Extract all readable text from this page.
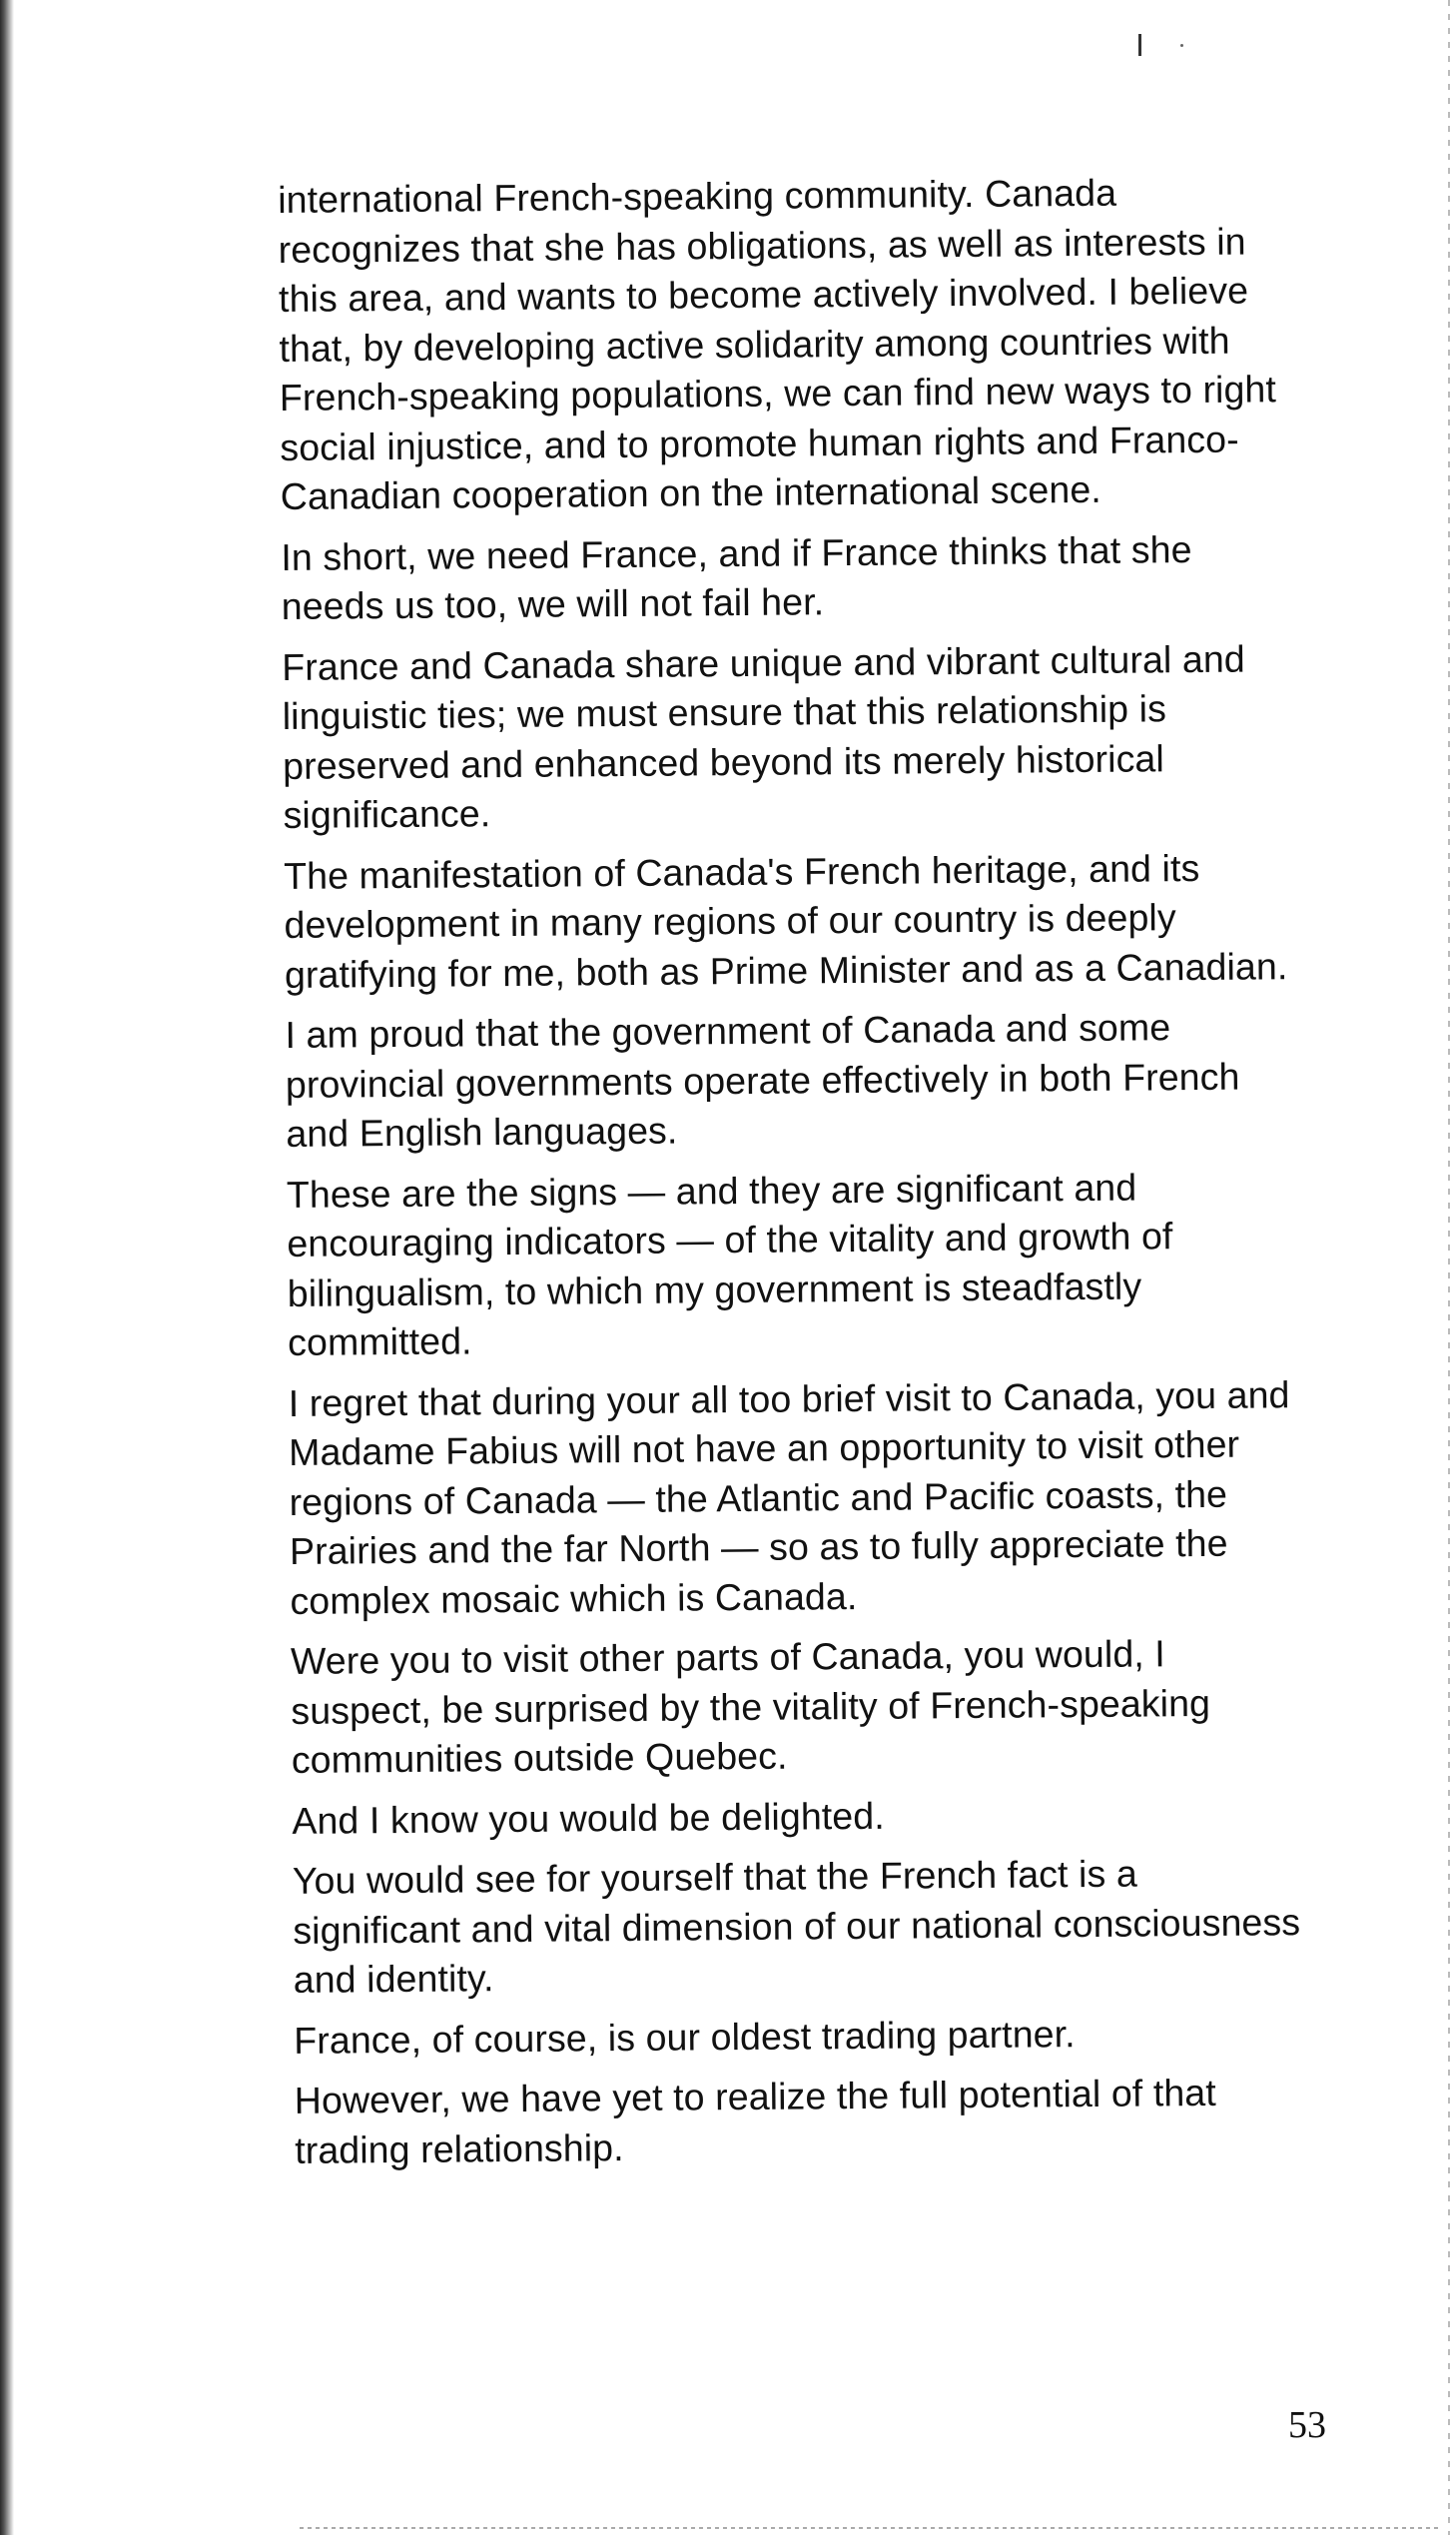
international French-speaking community. Canada recognizes that she has obligations, as well as interests in this area, and wants to become actively involved. I believe that, by developing active solidarity among countries with French-speaking populations, we can find new ways to right social injustice, and to promote human rights and Franco-Canadian cooperation on the international scene.

In short, we need France, and if France thinks that she needs us too, we will not fail her.

France and Canada share unique and vibrant cultural and linguistic ties; we must ensure that this relationship is preserved and enhanced beyond its merely historical significance.

The manifestation of Canada's French heritage, and its development in many regions of our country is deeply gratifying for me, both as Prime Minister and as a Canadian.

I am proud that the government of Canada and some provincial governments operate effectively in both French and English languages.

These are the signs — and they are significant and encouraging indicators — of the vitality and growth of bilingualism, to which my government is steadfastly committed.

I regret that during your all too brief visit to Canada, you and Madame Fabius will not have an opportunity to visit other regions of Canada — the Atlantic and Pacific coasts, the Prairies and the far North — so as to fully appreciate the complex mosaic which is Canada.

Were you to visit other parts of Canada, you would, I suspect, be surprised by the vitality of French-speaking communities outside Quebec.

And I know you would be delighted.

You would see for yourself that the French fact is a significant and vital dimension of our national consciousness and identity.

France, of course, is our oldest trading partner.

However, we have yet to realize the full potential of that trading relationship.

53
